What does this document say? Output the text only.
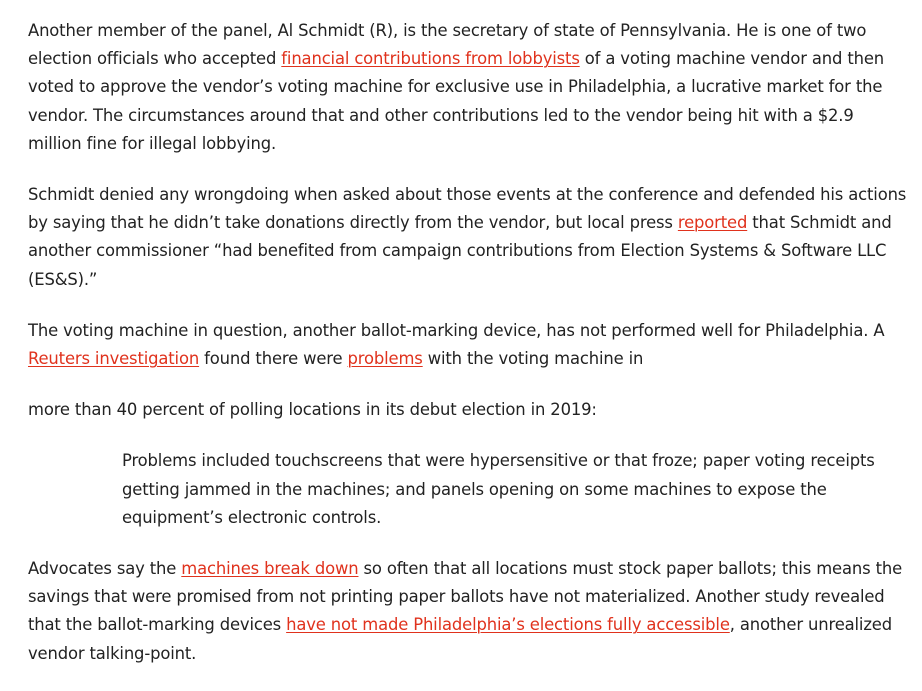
Another member of the panel, Al Schmidt (R), is the secretary of state of Pennsylvania. He is one of two election officials who accepted financial contributions from lobbyists of a voting machine vendor and then voted to approve the vendor’s voting machine for exclusive use in Philadelphia, a lucrative market for the vendor. The circumstances around that and other contributions led to the vendor being hit with a $2.9 million fine for illegal lobbying.

Schmidt denied any wrongdoing when asked about those events at the conference and defended his actions by saying that he didn’t take donations directly from the vendor, but local press reported that Schmidt and another commissioner “had benefited from campaign contributions from Election Systems & Software LLC (ES&S).”

The voting machine in question, another ballot-marking device, has not performed well for Philadelphia. A Reuters investigation found there were problems with the voting machine in

more than 40 percent of polling locations in its debut election in 2019:

Problems included touchscreens that were hypersensitive or that froze; paper voting receipts getting jammed in the machines; and panels opening on some machines to expose the equipment’s electronic controls.

Advocates say the machines break down so often that all locations must stock paper ballots; this means the savings that were promised from not printing paper ballots have not materialized. Another study revealed that the ballot-marking devices have not made Philadelphia’s elections fully accessible, another unrealized vendor talking-point.
